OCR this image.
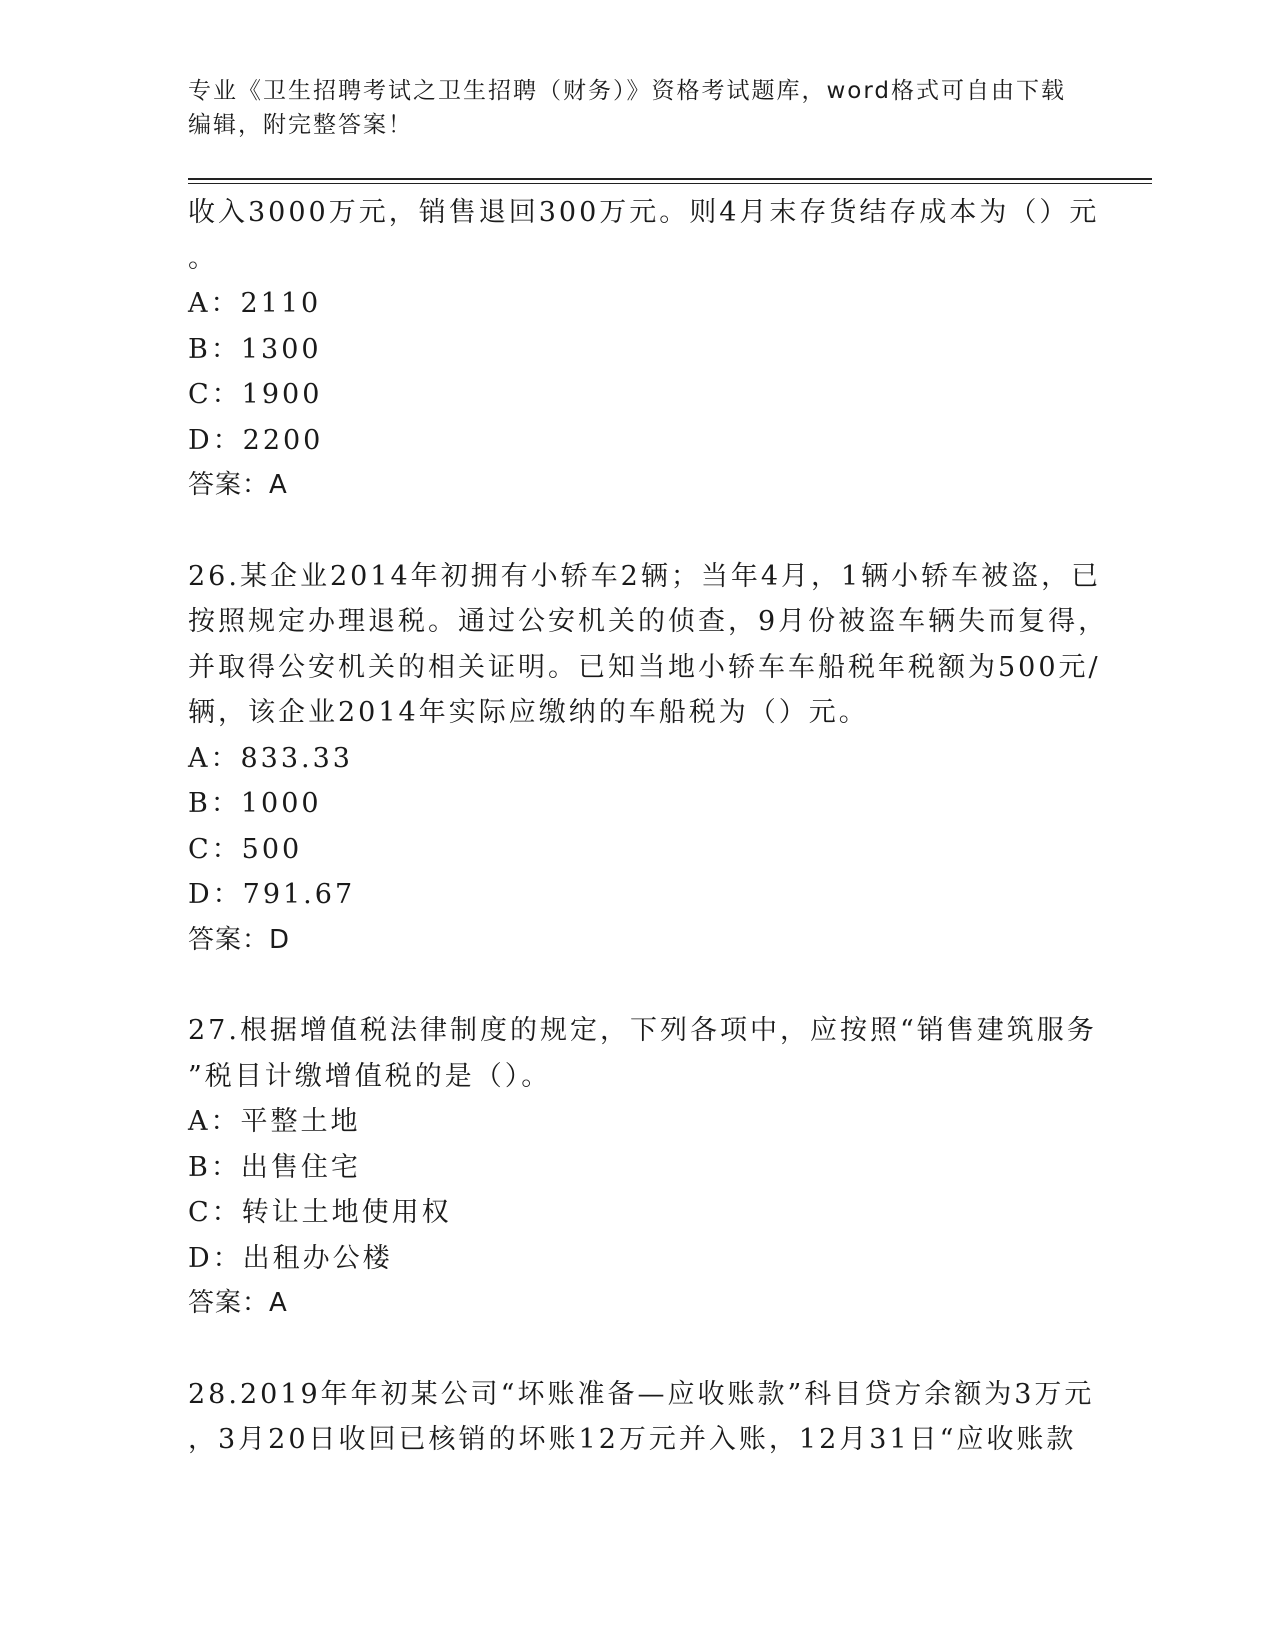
专业《卫生招聘考试之卫生招聘（财务）》资格考试题库，word格式可自由下载
编辑，附完整答案！
收入3000万元，销售退回300万元。则4月末存货结存成本为（）元
。
A：2110
B：1300
C：1900
D：2200
答案：A
26.某企业2014年初拥有小轿车2辆；当年4月，1辆小轿车被盗，已
按照规定办理退税。通过公安机关的侦查，9月份被盗车辆失而复得，
并取得公安机关的相关证明。已知当地小轿车车船税年税额为500元/
辆，该企业2014年实际应缴纳的车船税为（）元。
A：833.33
B：1000
C：500
D：791.67
答案：D
27.根据增值税法律制度的规定，下列各项中，应按照“销售建筑服务
”税目计缴增值税的是（）。
A：平整土地
B：出售住宅
C：转让土地使用权
D：出租办公楼
答案：A
28.2019年年初某公司“坏账准备—应收账款”科目贷方余额为3万元
，3月20日收回已核销的坏账12万元并入账，12月31日“应收账款
